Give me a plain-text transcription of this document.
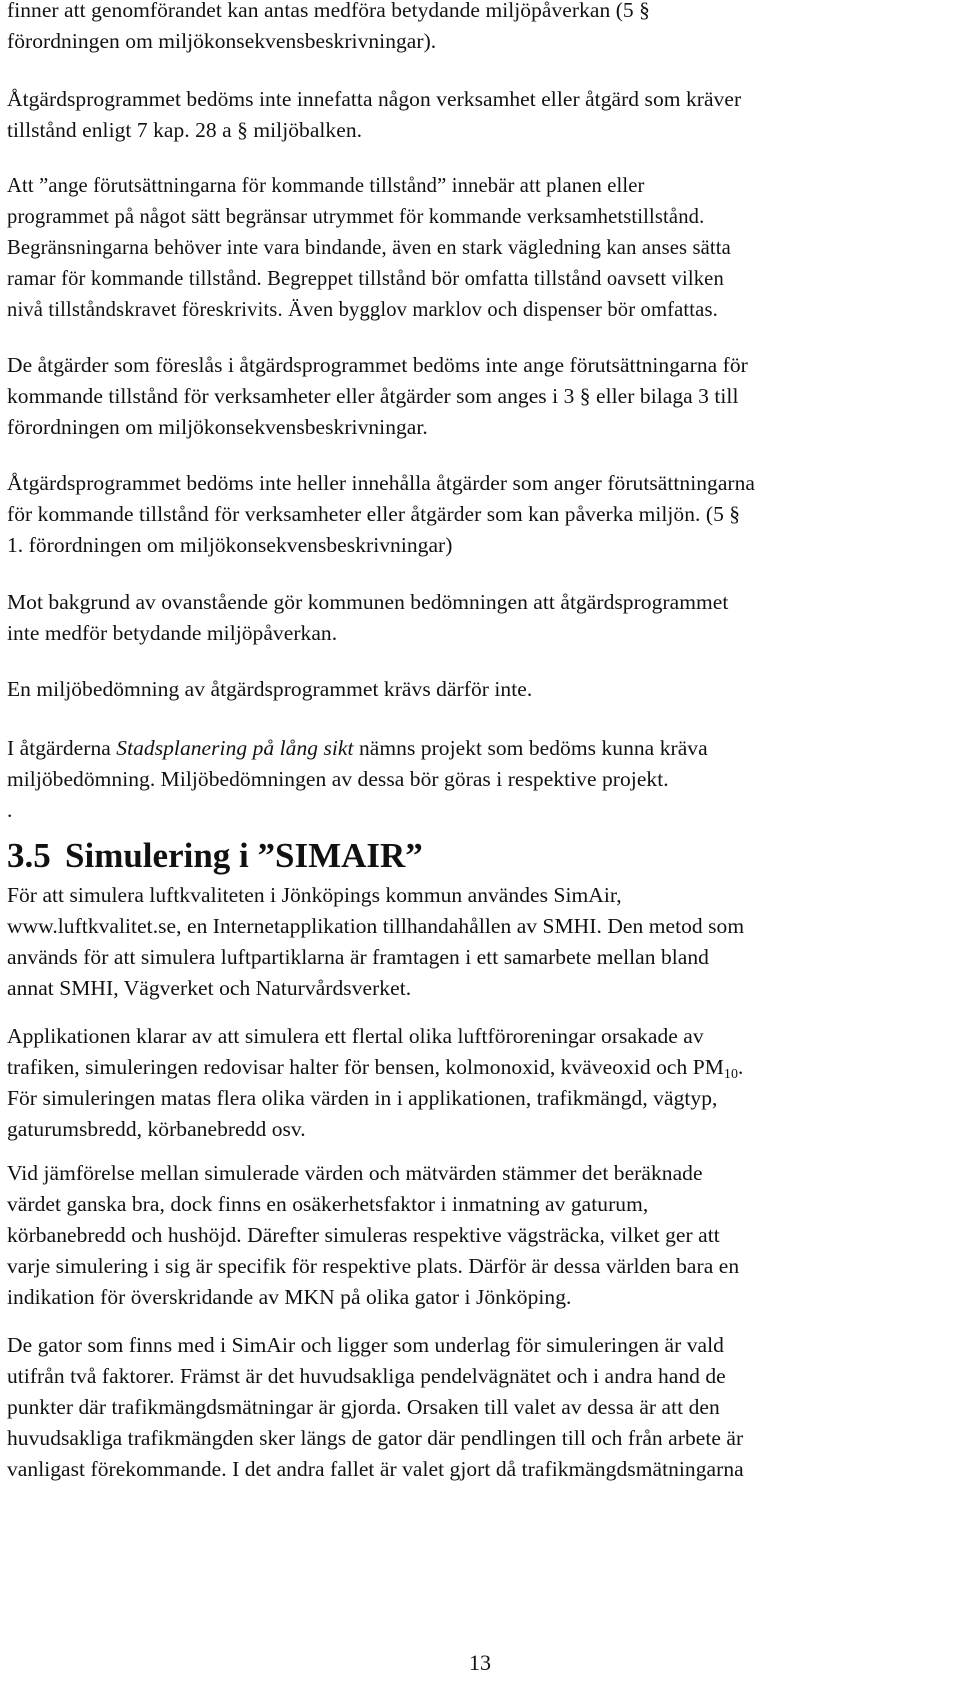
finner att genomförandet kan antas medföra betydande miljöpåverkan (5 §
förordningen om miljökonsekvensbeskrivningar).

Åtgärdsprogrammet bedöms inte innefatta någon verksamhet eller åtgärd som kräver
tillstånd enligt 7 kap. 28 a § miljöbalken.

Att ”ange förutsättningarna för kommande tillstånd” innebär att planen eller
programmet på något sätt begränsar utrymmet för kommande verksamhetstillstånd.
Begränsningarna behöver inte vara bindande, även en stark vägledning kan anses sätta
ramar för kommande tillstånd. Begreppet tillstånd bör omfatta tillstånd oavsett vilken
nivå tillståndskravet föreskrivits. Även bygglov marklov och dispenser bör omfattas.

De åtgärder som föreslås i åtgärdsprogrammet bedöms inte ange förutsättningarna för
kommande tillstånd för verksamheter eller åtgärder som anges i 3 § eller bilaga 3 till
förordningen om miljökonsekvensbeskrivningar.

Åtgärdsprogrammet bedöms inte heller innehålla åtgärder som anger förutsättningarna
för kommande tillstånd för verksamheter eller åtgärder som kan påverka miljön. (5 §
1. förordningen om miljökonsekvensbeskrivningar)

Mot bakgrund av ovanstående gör kommunen bedömningen att åtgärdsprogrammet
inte medför betydande miljöpåverkan.

En miljöbedömning av åtgärdsprogrammet krävs därför inte.

I åtgärderna Stadsplanering på lång sikt nämns projekt som bedöms kunna kräva
miljöbedömning. Miljöbedömningen av dessa bör göras i respektive projekt.
.

3.5 Simulering i ”SIMAIR”

För att simulera luftkvaliteten i Jönköpings kommun användes SimAir,
www.luftkvalitet.se, en Internetapplikation tillhandahållen av SMHI. Den metod som
används för att simulera luftpartiklarna är framtagen i ett samarbete mellan bland
annat SMHI, Vägverket och Naturvårdsverket.

Applikationen klarar av att simulera ett flertal olika luftföroreningar orsakade av
trafiken, simuleringen redovisar halter för bensen, kolmonoxid, kväveoxid och $PM_{10}$.
För simuleringen matas flera olika värden in i applikationen, trafikmängd, vägtyp,
gaturumsbredd, körbanebredd osv.

Vid jämförelse mellan simulerade värden och mätvärden stämmer det beräknade
värdet ganska bra, dock finns en osäkerhetsfaktor i inmatning av gaturum,
körbanebredd och hushöjd. Därefter simuleras respektive vägsträcka, vilket ger att
varje simulering i sig är specifik för respektive plats. Därför är dessa världen bara en
indikation för överskridande av MKN på olika gator i Jönköping.

De gator som finns med i SimAir och ligger som underlag för simuleringen är vald
utifrån två faktorer. Främst är det huvudsakliga pendelvägnätet och i andra hand de
punkter där trafikmängdsmätningar är gjorda. Orsaken till valet av dessa är att den
huvudsakliga trafikmängden sker längs de gator där pendlingen till och från arbete är
vanligast förekommande. I det andra fallet är valet gjort då trafikmängdsmätningarna

13
